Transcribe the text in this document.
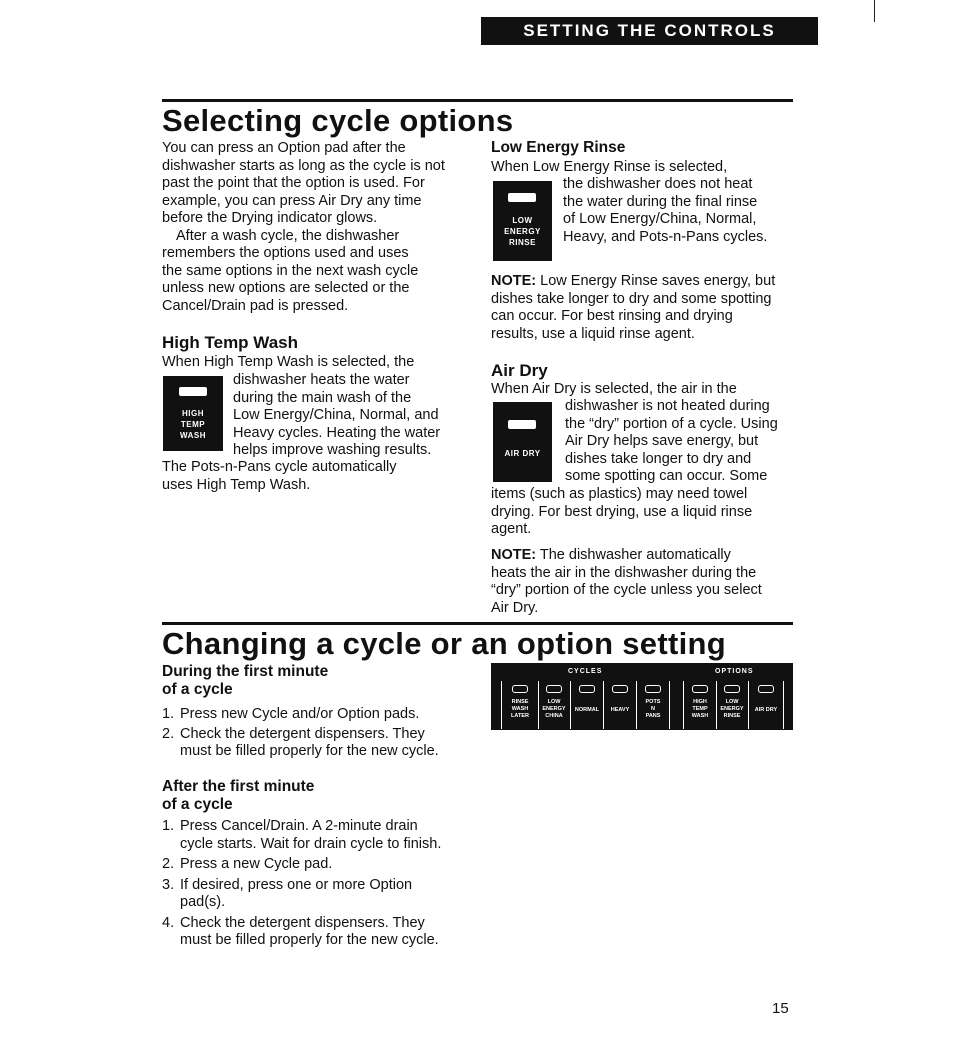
SETTING THE CONTROLS
Selecting cycle options
You can press an Option pad after the
dishwasher starts as long as the cycle is not
past the point that the option is used. For
example, you can press Air Dry any time
before the Drying indicator glows.
After a wash cycle, the dishwasher
remembers the options used and uses
the same options in the next wash cycle
unless new options are selected or the
Cancel/Drain pad is pressed.
High Temp Wash
When High Temp Wash is selected, the
HIGH
TEMP
WASH
dishwasher heats the water
during the main wash of the
Low Energy/China, Normal, and
Heavy cycles. Heating the water
helps improve washing results.
The Pots-n-Pans cycle automatically
uses High Temp Wash.
Low Energy Rinse
When Low Energy Rinse is selected,
LOW
ENERGY
RINSE
the dishwasher does not heat
the water during the final rinse
of Low Energy/China, Normal,
Heavy, and Pots-n-Pans cycles.
NOTE: Low Energy Rinse saves energy, but
dishes take longer to dry and some spotting
can occur. For best rinsing and drying
results, use a liquid rinse agent.
Air Dry
When Air Dry is selected, the air in the
AIR DRY
dishwasher is not heated during
the “dry” portion of a cycle. Using
Air Dry helps save energy, but
dishes take longer to dry and
some spotting can occur. Some
items (such as plastics) may need towel
drying. For best drying, use a liquid rinse
agent.
NOTE: The dishwasher automatically
heats the air in the dishwasher during the
“dry” portion of the cycle unless you select
Air Dry.
Changing a cycle or an option setting
During the first minute
of a cycle
1. Press new Cycle and/or Option pads.
2. Check the detergent dispensers. They
must be filled properly for the new cycle.
After the first minute
of a cycle
1. Press Cancel/Drain. A 2-minute drain
cycle starts. Wait for drain cycle to finish.
2. Press a new Cycle pad.
3. If desired, press one or more Option
pad(s).
4. Check the detergent dispensers. They
must be filled properly for the new cycle.
CYCLES	OPTIONS
RINSE
WASH
LATER
LOW
ENERGY
CHINA
NORMAL	HEAVY
POTS
N
PANS
HIGH
TEMP
WASH
LOW
ENERGY
RINSE
AIR DRY
15
